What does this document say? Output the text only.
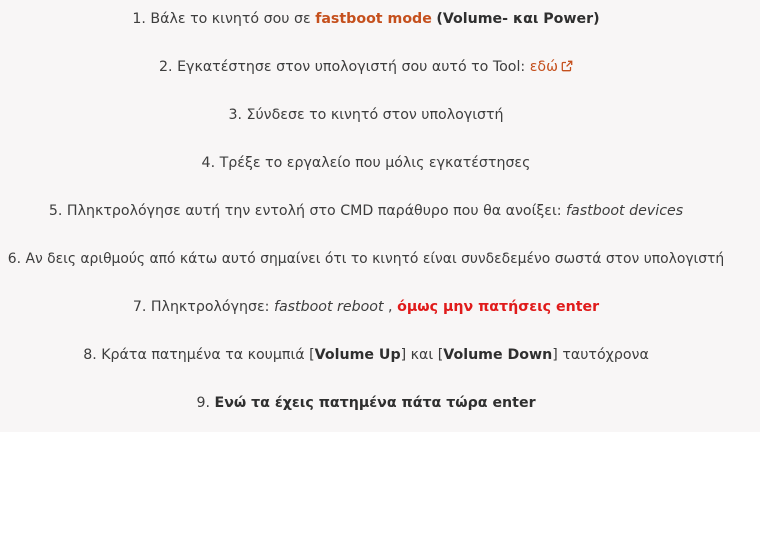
1. Βάλε το κινητό σου σε fastboot mode (Volume- και Power)
2. Εγκατέστησε στον υπολογιστή σου αυτό το Tool: εδώ
3. Σύνδεσε το κινητό στον υπολογιστή
4. Τρέξε το εργαλείο που μόλις εγκατέστησες
5. Πληκτρολόγησε αυτή την εντολή στο CMD παράθυρο που θα ανοίξει: fastboot devices
6. Αν δεις αριθμούς από κάτω αυτό σημαίνει ότι το κινητό είναι συνδεδεμένο σωστά στον υπολογιστή
7. Πληκτρολόγησε: fastboot reboot , όμως μην πατήσεις enter
8. Κράτα πατημένα τα κουμπιά [Volume Up] και [Volume Down] ταυτόχρονα
9. Ενώ τα έχεις πατημένα πάτα τώρα enter
